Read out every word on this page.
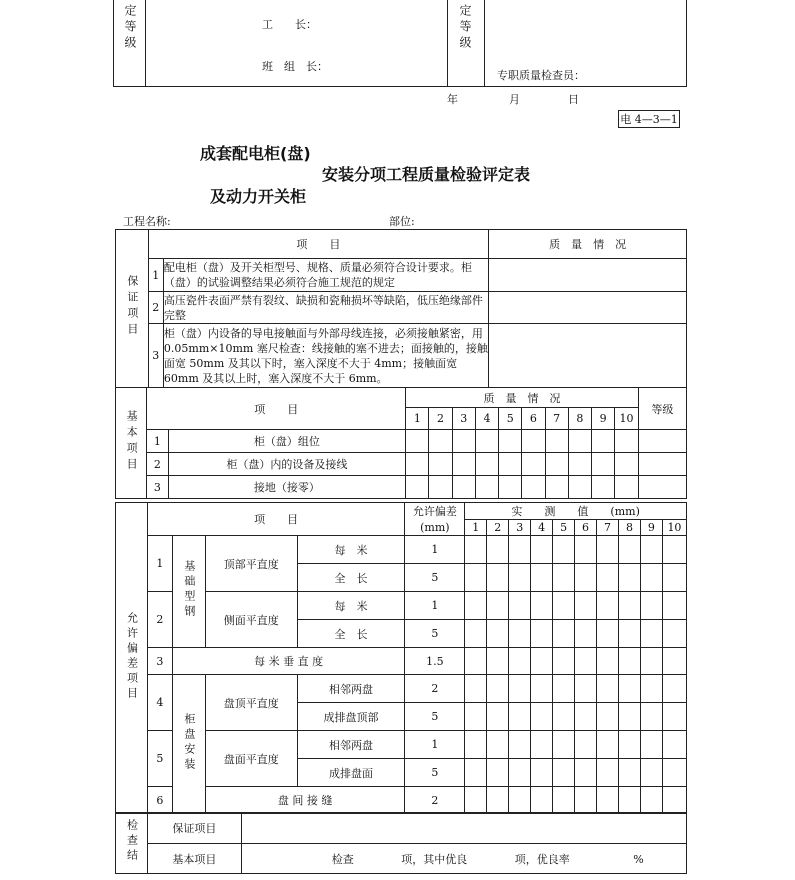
定等级	定等级
工　　长：
班　组　长：
专职质量检查员：
年	月	日
电 4—3—1
成套配电柜(盘)
安装分项工程质量检验评定表
及动力开关柜
工程名称:	部位:
保证项目	项　　目		质　量　情　况
	1	配电柜（盘）及开关柜型号、规格、质量必须符合设计要求。柜（盘）的试验调整结果必须符合施工规范的规定	
	2	高压瓷件表面严禁有裂纹、缺损和瓷釉损坏等缺陷，低压绝缘部件完整	
	3	柜（盘）内设备的导电接触面与外部母线连接，必须接触紧密，用 0.05mm×10mm 塞尺检查：线接触的塞不进去；面接触的，接触面宽 50mm 及其以下时，塞入深度不大于 4mm；接触面宽 60mm 及其以上时，塞入深度不大于 6mm。	
基本项目	项　　目		质　量　情　况										等级
			1	2	3	4	5	6	7	8	9	10	
	1	柜（盘）组位											
	2	柜（盘）内的设备及接线											
	3	接地（接零）											
允许偏差项目	项　　目				允许偏差	实　　测　　值　　(mm)									
					(mm)	1	2	3	4	5	6	7	8	9	10
	1	基础型钢	顶部平直度	每　米	1										
				全　长	5										
	2		侧面平直度	每　米	1										
				全　长	5										
	3	每 米 垂 直 度			1.5										
	4	柜盘安装	盘顶平直度	相邻两盘	2										
				成排盘顶部	5										
	5		盘面平直度	相邻两盘	1										
				成排盘面	5										
	6		盘 间 接 缝		2										
检查结	保证项目	
	基本项目	检查 项，其中优良 项，优良率 %
